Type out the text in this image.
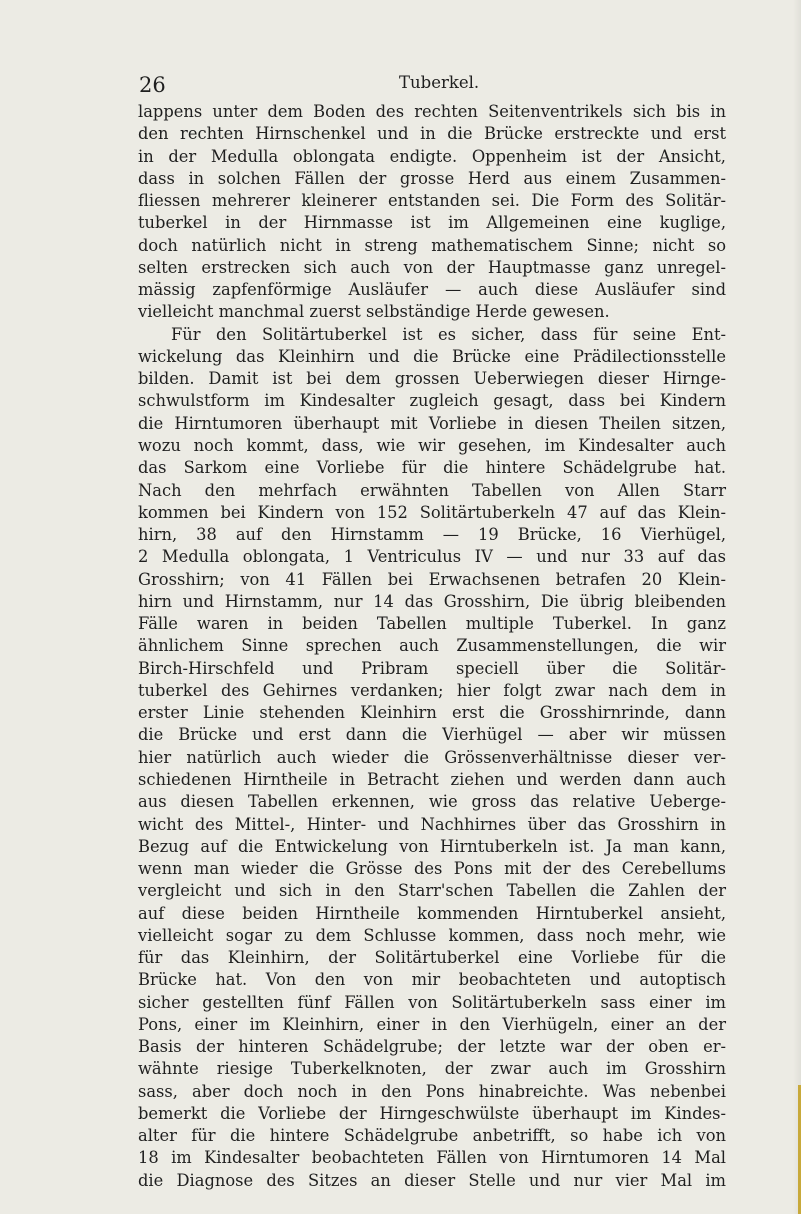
26	Tuberkel.
lappens unter dem Boden des rechten Seitenventrikels sich bis in
den rechten Hirnschenkel und in die Brücke erstreckte und erst
in der Medulla oblongata endigte. Oppenheim ist der Ansicht,
dass in solchen Fällen der grosse Herd aus einem Zusammen-
fliessen mehrerer kleinerer entstanden sei. Die Form des Solitär-
tuberkel in der Hirnmasse ist im Allgemeinen eine kuglige,
doch natürlich nicht in streng mathematischem Sinne; nicht so
selten erstrecken sich auch von der Hauptmasse ganz unregel-
mässig zapfenförmige Ausläufer — auch diese Ausläufer sind
vielleicht manchmal zuerst selbständige Herde gewesen.
Für den Solitärtuberkel ist es sicher, dass für seine Ent-
wickelung das Kleinhirn und die Brücke eine Prädilectionsstelle
bilden. Damit ist bei dem grossen Ueberwiegen dieser Hirnge-
schwulstform im Kindesalter zugleich gesagt, dass bei Kindern
die Hirntumoren überhaupt mit Vorliebe in diesen Theilen sitzen,
wozu noch kommt, dass, wie wir gesehen, im Kindesalter auch
das Sarkom eine Vorliebe für die hintere Schädelgrube hat.
Nach den mehrfach erwähnten Tabellen von Allen Starr
kommen bei Kindern von 152 Solitärtuberkeln 47 auf das Klein-
hirn, 38 auf den Hirnstamm — 19 Brücke, 16 Vierhügel,
2 Medulla oblongata, 1 Ventriculus IV — und nur 33 auf das
Grosshirn; von 41 Fällen bei Erwachsenen betrafen 20 Klein-
hirn und Hirnstamm, nur 14 das Grosshirn, Die übrig bleibenden
Fälle waren in beiden Tabellen multiple Tuberkel. In ganz
ähnlichem Sinne sprechen auch Zusammenstellungen, die wir
Birch-Hirschfeld und Pribram speciell über die Solitär-
tuberkel des Gehirnes verdanken; hier folgt zwar nach dem in
erster Linie stehenden Kleinhirn erst die Grosshirnrinde, dann
die Brücke und erst dann die Vierhügel — aber wir müssen
hier natürlich auch wieder die Grössenverhältnisse dieser ver-
schiedenen Hirntheile in Betracht ziehen und werden dann auch
aus diesen Tabellen erkennen, wie gross das relative Ueberge-
wicht des Mittel-, Hinter- und Nachhirnes über das Grosshirn in
Bezug auf die Entwickelung von Hirntuberkeln ist. Ja man kann,
wenn man wieder die Grösse des Pons mit der des Cerebellums
vergleicht und sich in den Starr'schen Tabellen die Zahlen der
auf diese beiden Hirntheile kommenden Hirntuberkel ansieht,
vielleicht sogar zu dem Schlusse kommen, dass noch mehr, wie
für das Kleinhirn, der Solitärtuberkel eine Vorliebe für die
Brücke hat. Von den von mir beobachteten und autoptisch
sicher gestellten fünf Fällen von Solitärtuberkeln sass einer im
Pons, einer im Kleinhirn, einer in den Vierhügeln, einer an der
Basis der hinteren Schädelgrube; der letzte war der oben er-
wähnte riesige Tuberkelknoten, der zwar auch im Grosshirn
sass, aber doch noch in den Pons hinabreichte. Was nebenbei
bemerkt die Vorliebe der Hirngeschwülste überhaupt im Kindes-
alter für die hintere Schädelgrube anbetrifft, so habe ich von
18 im Kindesalter beobachteten Fällen von Hirntumoren 14 Mal
die Diagnose des Sitzes an dieser Stelle und nur vier Mal im
